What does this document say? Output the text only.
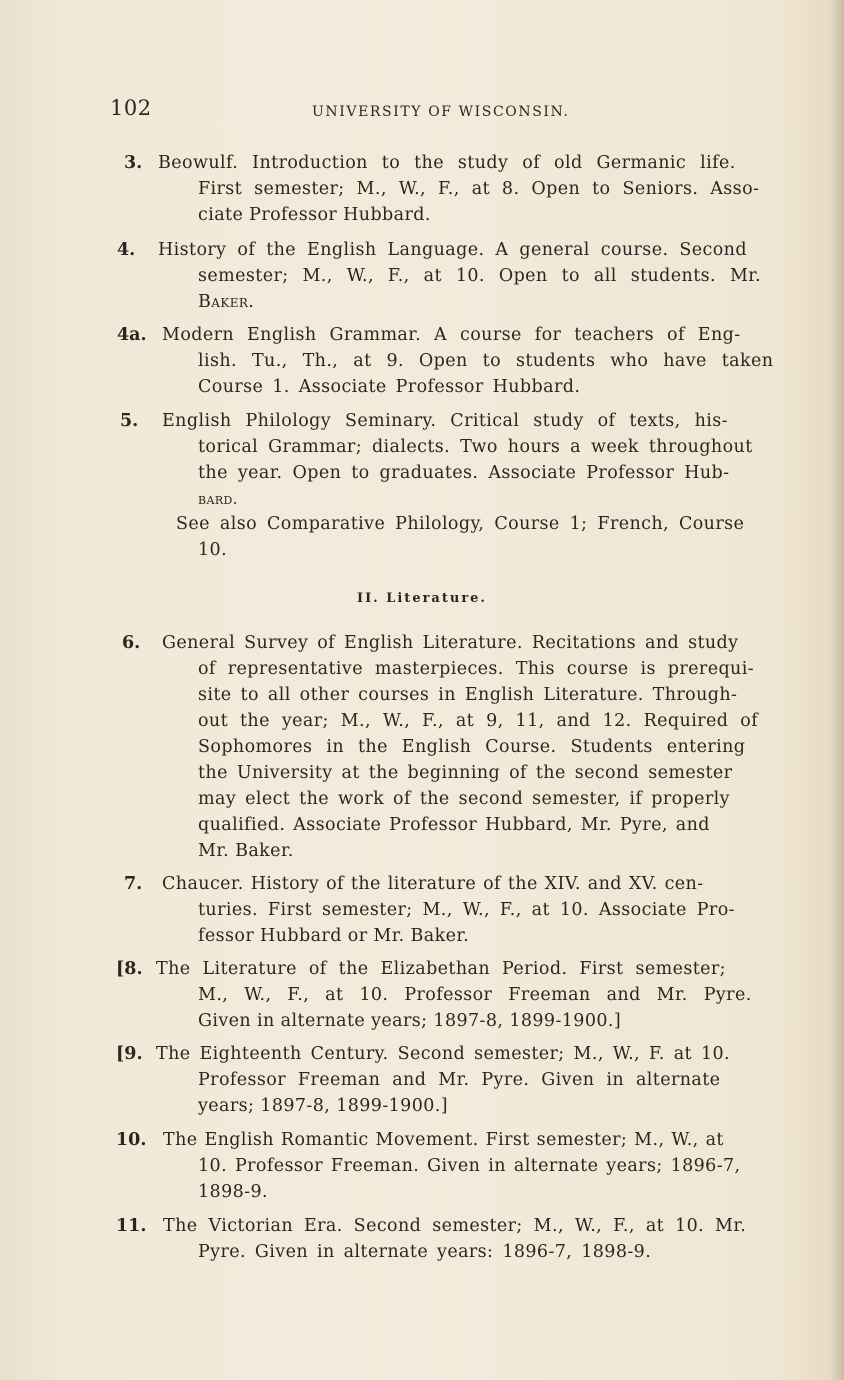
102	UNIVERSITY OF WISCONSIN.
3. Beowulf. Introduction to the study of old Germanic life.
First semester; M., W., F., at 8. Open to Seniors. Asso-
ciate Professor Hubbard.
4. History of the English Language. A general course. Second
semester; M., W., F., at 10. Open to all students. Mr.
Baker.
4a. Modern English Grammar. A course for teachers of Eng-
lish. Tu., Th., at 9. Open to students who have taken
Course 1. Associate Professor Hubbard.
5. English Philology Seminary. Critical study of texts, his-
torical Grammar; dialects. Two hours a week throughout
the year. Open to graduates. Associate Professor Hub-
bard.
See also Comparative Philology, Course 1; French, Course
10.
II. Literature.
6. General Survey of English Literature. Recitations and study
of representative masterpieces. This course is prerequi-
site to all other courses in English Literature. Through-
out the year; M., W., F., at 9, 11, and 12. Required of
Sophomores in the English Course. Students entering
the University at the beginning of the second semester
may elect the work of the second semester, if properly
qualified. Associate Professor Hubbard, Mr. Pyre, and
Mr. Baker.
7. Chaucer. History of the literature of the XIV. and XV. cen-
turies. First semester; M., W., F., at 10. Associate Pro-
fessor Hubbard or Mr. Baker.
[8. The Literature of the Elizabethan Period. First semester;
M., W., F., at 10. Professor Freeman and Mr. Pyre.
Given in alternate years; 1897-8, 1899-1900.]
[9. The Eighteenth Century. Second semester; M., W., F. at 10.
Professor Freeman and Mr. Pyre. Given in alternate
years; 1897-8, 1899-1900.]
10. The English Romantic Movement. First semester; M., W., at
10. Professor Freeman. Given in alternate years; 1896-7,
1898-9.
11. The Victorian Era. Second semester; M., W., F., at 10. Mr.
Pyre. Given in alternate years: 1896-7, 1898-9.
